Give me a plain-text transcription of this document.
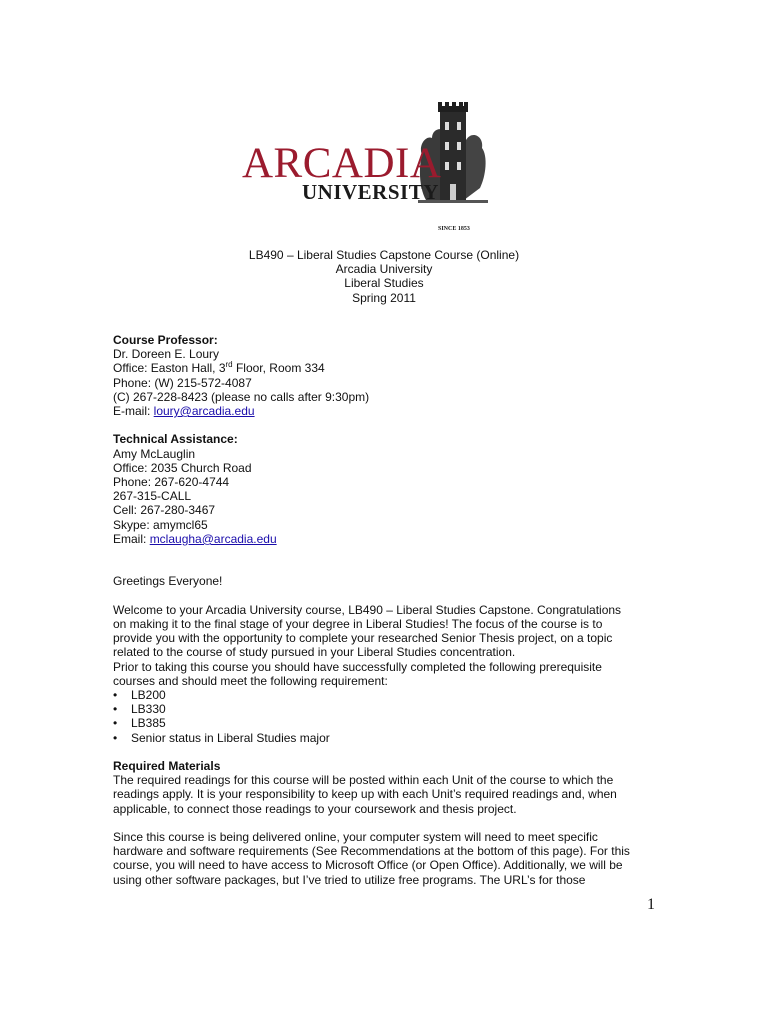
ARCADIA
UNIVERSITY
SINCE 1853
LB490 – Liberal Studies Capstone Course (Online)
Arcadia University
Liberal Studies
Spring 2011
Course Professor:
Dr. Doreen E. Loury
Office: Easton Hall, 3rd Floor, Room 334
Phone: (W) 215-572-4087
(C) 267-228-8423 (please no calls after 9:30pm)
E-mail: loury@arcadia.edu
Technical Assistance:
Amy McLauglin
Office: 2035 Church Road
Phone: 267-620-4744
267-315-CALL
Cell: 267-280-3467
Skype: amymcl65
Email: mclaugha@arcadia.edu
Greetings Everyone!
Welcome to your Arcadia University course, LB490 – Liberal Studies Capstone. Congratulations
on making it to the final stage of your degree in Liberal Studies! The focus of the course is to
provide you with the opportunity to complete your researched Senior Thesis project, on a topic
related to the course of study pursued in your Liberal Studies concentration.
Prior to taking this course you should have successfully completed the following prerequisite
courses and should meet the following requirement:
•	LB200
•	LB330
•	LB385
•	Senior status in Liberal Studies major
Required Materials
The required readings for this course will be posted within each Unit of the course to which the
readings apply. It is your responsibility to keep up with each Unit’s required readings and, when
applicable, to connect those readings to your coursework and thesis project.
Since this course is being delivered online, your computer system will need to meet specific
hardware and software requirements (See Recommendations at the bottom of this page). For this
course, you will need to have access to Microsoft Office (or Open Office). Additionally, we will be
using other software packages, but I’ve tried to utilize free programs. The URL’s for those
1
